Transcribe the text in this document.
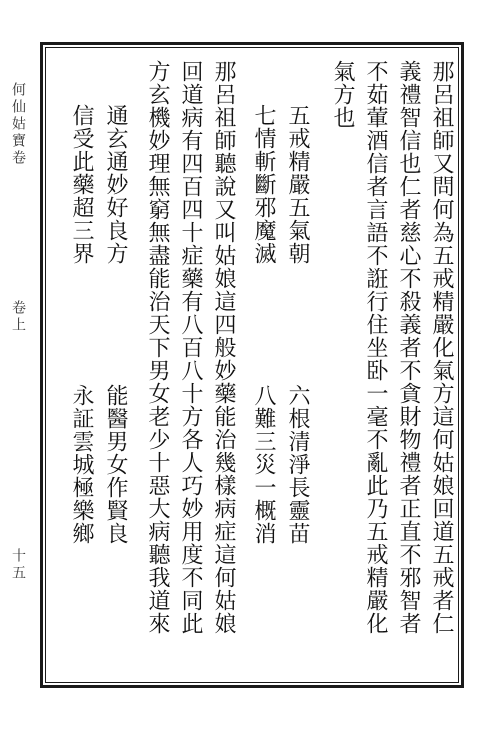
何仙姑寶卷
卷上
十五	那呂祖師又問何為五戒精嚴化氣方這何姑娘回道五戒者仁
義禮智信也仁者慈心不殺義者不貪財物禮者正直不邪智者
不茹葷酒信者言語不誑行住坐卧一毫不亂此乃五戒精嚴化
氣方也
五戒精嚴五氣朝
六根清淨長靈苗
七情斬斷邪魔滅
八難三災一概消
那呂祖師聽說又叫姑娘這四般妙藥能治幾樣病症這何姑娘
回道病有四百四十症藥有八百八十方各人巧妙用度不同此
方玄機妙理無窮無盡能治天下男女老少十惡大病聽我道來
通玄通妙好良方
能醫男女作賢良
信受此藥超三界
永証雲城極樂鄉
